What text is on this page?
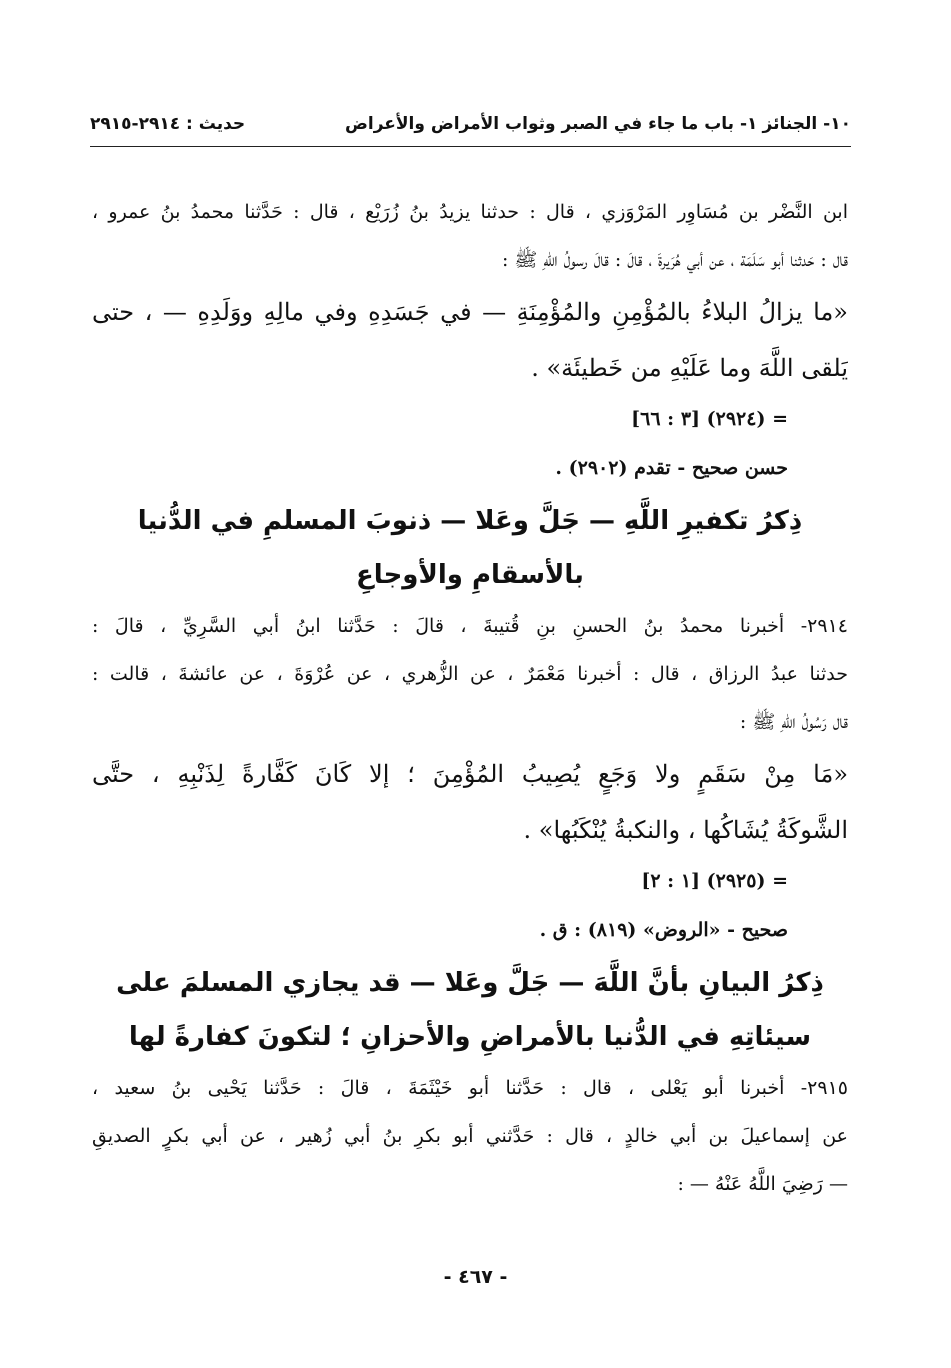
١٠- الجنائز
١- باب ما جاء في الصبر وثواب الأمراض والأعراض
حديث : ٢٩١٤-٢٩١٥
ابن النَّضْر بن مُسَاوِر المَرْوَزي ، قال : حدثنا يزيدُ بنُ زُرَيْع ، قال : حَدَّثنا محمدُ بنُ عمرو ،
قال : حَدثنا أبو سَلَمَة ، عن أبي هُرَيرةَ ، قالَ : قالَ رسولُ اللّهِ ﷺ :
«ما يزالُ البلاءُ بالمُؤْمِنِ والمُؤْمِنَةِ — في جَسَدِهِ وفي مالِهِ ووَلَدِهِ — ، حتى
يَلقى اللَّهَ وما عَلَيْهِ من خَطيئَة» .
= (٢٩٢٤) [٣ : ٦٦]
حسن صحيح - تقدم (٢٩٠٢) .
ذِكرُ تكفيرِ اللَّهِ — جَلَّ وعَلا — ذنوبَ المسلمِ في الدُّنيا
بالأسقامِ والأوجاعِ
٢٩١٤- أخبرنا محمدُ بنُ الحسنِ بنِ قُتيبةَ ، قالَ : حَدَّثنا ابنُ أبي السَّرِيِّ ، قالَ :
حدثنا عبدُ الرزاق ، قال : أخبرنا مَعْمَرٌ ، عن الزُّهري ، عن عُرْوَةَ ، عن عائشةَ ، قالت :
قال رَسُولُ اللّهِ ﷺ :
«مَا مِنْ سَقَمٍ ولا وَجَعٍ يُصِيبُ المُؤْمِنَ ؛ إلا كَانَ كَفَّارةً لِذَنْبِهِ ، حتَّى
الشَّوكَةُ يُشَاكُها ، والنكبةُ يُنْكَبُها» .
= (٢٩٢٥) [١ : ٢]
صحيح - «الروض» (٨١٩) : ق .
ذِكرُ البيانِ بأنَّ اللَّهَ — جَلَّ وعَلا — قد يجازي المسلمَ على
سيئاتِهِ في الدُّنيا بالأمراضِ والأحزانِ ؛ لتكونَ كفارةً لها
٢٩١٥- أخبرنا أبو يَعْلى ، قال : حَدَّثنا أبو خَيْثَمَةَ ، قالَ : حَدَّثنا يَحْيى بنُ سعيد ،
عن إسماعيلَ بن أبي خالدٍ ، قال : حَدَّثني أبو بكرِ بنُ أبي زُهير ، عن أبي بكرٍ الصديقِ
— رَضِيَ اللَّهُ عَنْهُ — :
- ٤٦٧ -
